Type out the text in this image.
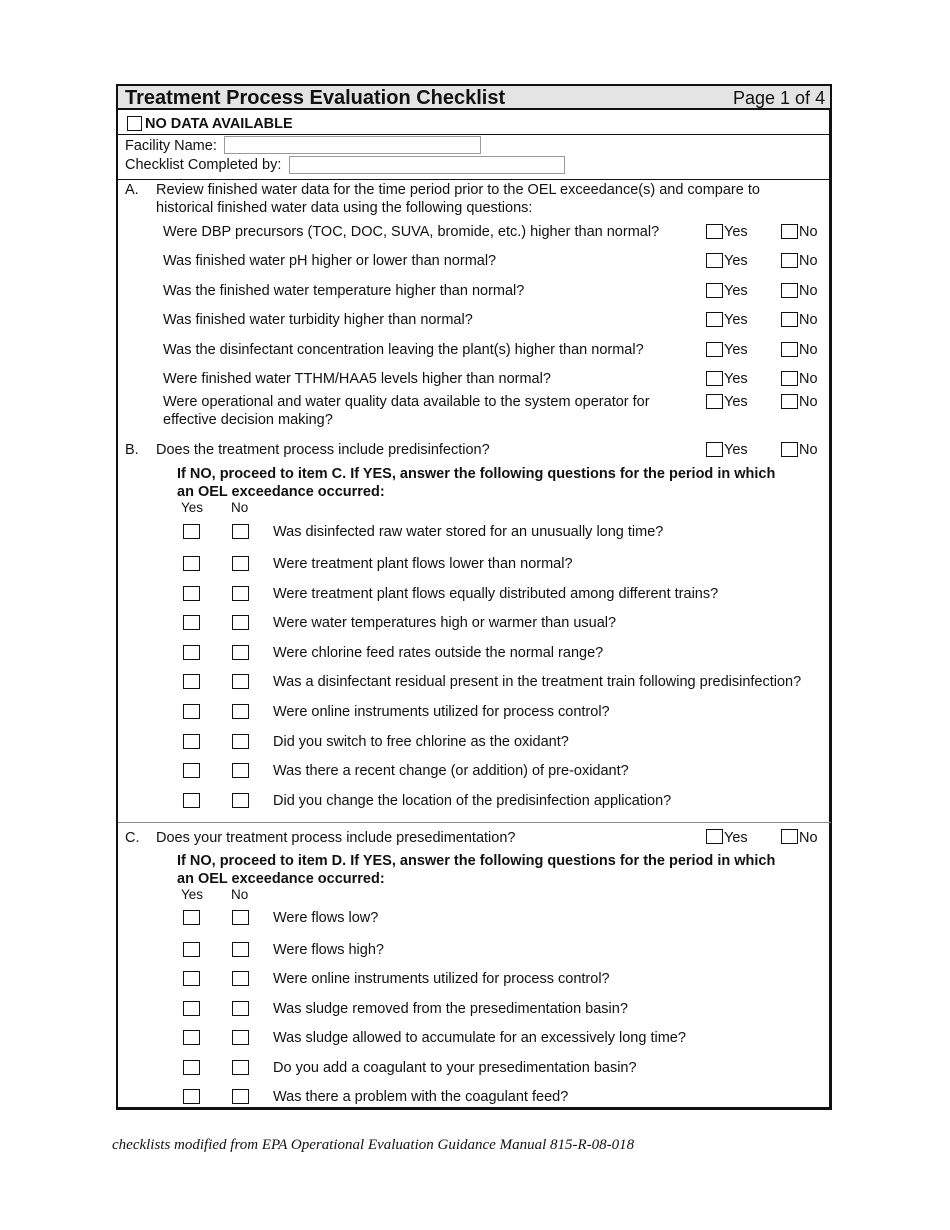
Treatment Process Evaluation Checklist	Page 1 of 4
NO DATA AVAILABLE
Facility Name:
Checklist Completed by:
A. Review finished water data for the time period prior to the OEL exceedance(s) and compare to
historical finished water data using the following questions:
Were DBP precursors (TOC, DOC, SUVA, bromide, etc.) higher than normal?	Yes	No
Was finished water pH higher or lower than normal?	Yes	No
Was the finished water temperature higher than normal?	Yes	No
Was finished water turbidity higher than normal?	Yes	No
Was the disinfectant concentration leaving the plant(s) higher than normal?	Yes	No
Were finished water TTHM/HAA5 levels higher than normal?	Yes	No
Were operational and water quality data available to the system operator for
effective decision making?
Yes	No
B. Does the treatment process include predisinfection?	Yes	No
If NO, proceed to item C. If YES, answer the following questions for the period in which
an OEL exceedance occurred:
Yes No
Was disinfected raw water stored for an unusually long time?
Were treatment plant flows lower than normal?
Were treatment plant flows equally distributed among different trains?
Were water temperatures high or warmer than usual?
Were chlorine feed rates outside the normal range?
Was a disinfectant residual present in the treatment train following predisinfection?
Were online instruments utilized for process control?
Did you switch to free chlorine as the oxidant?
Was there a recent change (or addition) of pre-oxidant?
Did you change the location of the predisinfection application?
C. Does your treatment process include presedimentation?	Yes	No
If NO, proceed to item D. If YES, answer the following questions for the period in which
an OEL exceedance occurred:
Yes No
Were flows low?
Were flows high?
Were online instruments utilized for process control?
Was sludge removed from the presedimentation basin?
Was sludge allowed to accumulate for an excessively long time?
Do you add a coagulant to your presedimentation basin?
Was there a problem with the coagulant feed?
checklists modified from EPA Operational Evaluation Guidance Manual 815-R-08-018
